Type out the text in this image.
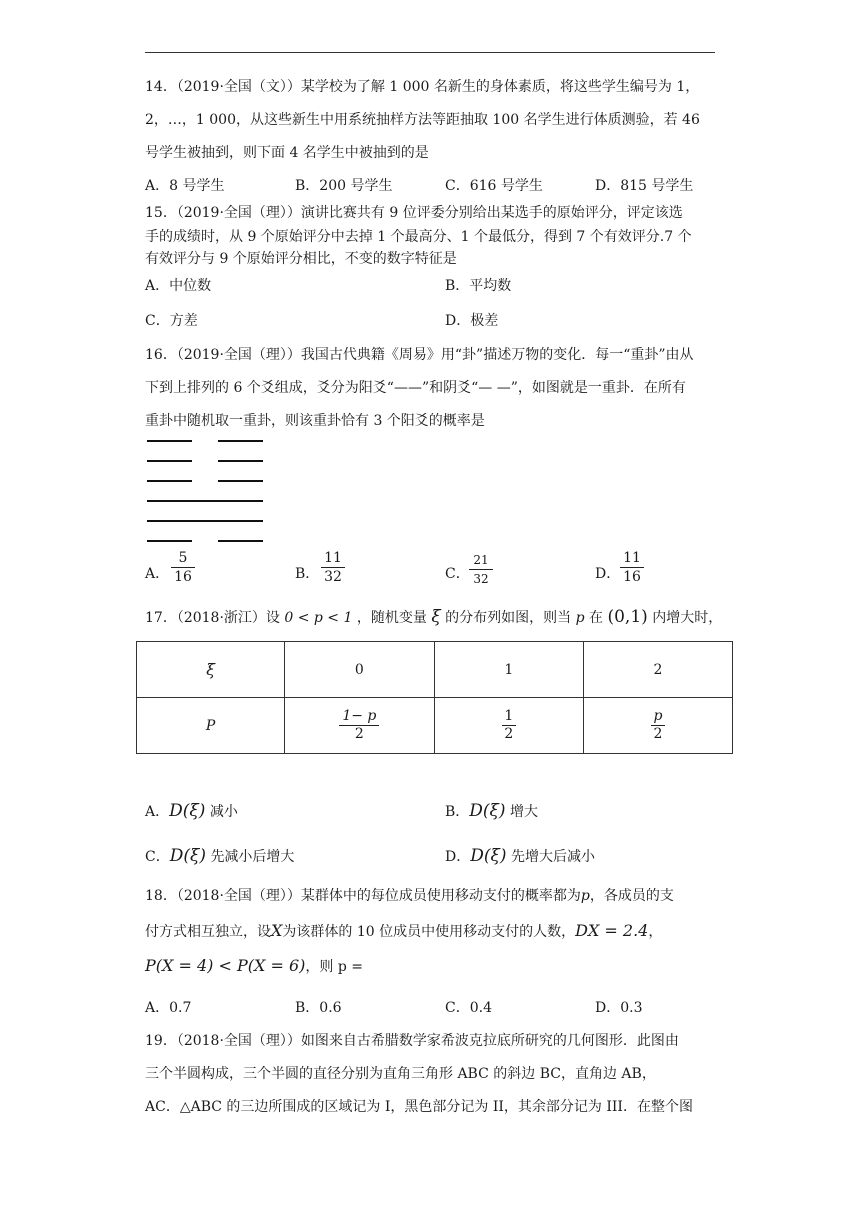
14．（2019·全国（文））某学校为了解 1 000 名新生的身体素质，将这些学生编号为 1，
2，…，1 000，从这些新生中用系统抽样方法等距抽取 100 名学生进行体质测验，若 46
号学生被抽到，则下面 4 名学生中被抽到的是
A．8 号学生	B．200 号学生	C．616 号学生	D．815 号学生
15．（2019·全国（理））演讲比赛共有 9 位评委分别给出某选手的原始评分，评定该选
手的成绩时，从 9 个原始评分中去掉 1 个最高分、1 个最低分，得到 7 个有效评分.7 个
有效评分与 9 个原始评分相比，不变的数字特征是
A．中位数	B．平均数
C．方差	D．极差
16．（2019·全国（理））我国古代典籍《周易》用“卦”描述万物的变化．每一“重卦”由从
下到上排列的 6 个爻组成，爻分为阳爻“——”和阴爻“— —”，如图就是一重卦．在所有
重卦中随机取一重卦，则该重卦恰有 3 个阳爻的概率是
A．
5
16	B．
11
32	C．
21
32	D．
11
16
17．（2018·浙江）设 0 < p < 1 ，随机变量 ξ 的分布列如图，则当 p 在 (0,1) 内增大时，
ξ	0	1	2
P	$\frac{1- p}{2}$	$\frac{1}{2}$	$\frac{p}{2}$
A．D(ξ) 减小	B．D(ξ) 增大
C．D(ξ) 先减小后增大	D．D(ξ) 先增大后减小
18．（2018·全国（理））某群体中的每位成员使用移动支付的概率都为p，各成员的支
付方式相互独立，设X为该群体的 10 位成员中使用移动支付的人数，DX = 2.4，
P(X = 4) < P(X = 6)，则 p =
A．0.7	B．0.6	C．0.4	D．0.3
19．（2018·全国（理））如图来自古希腊数学家希波克拉底所研究的几何图形．此图由
三个半圆构成，三个半圆的直径分别为直角三角形 ABC 的斜边 BC，直角边 AB，
AC．△ABC 的三边所围成的区域记为 I，黑色部分记为 II，其余部分记为 III．在整个图
